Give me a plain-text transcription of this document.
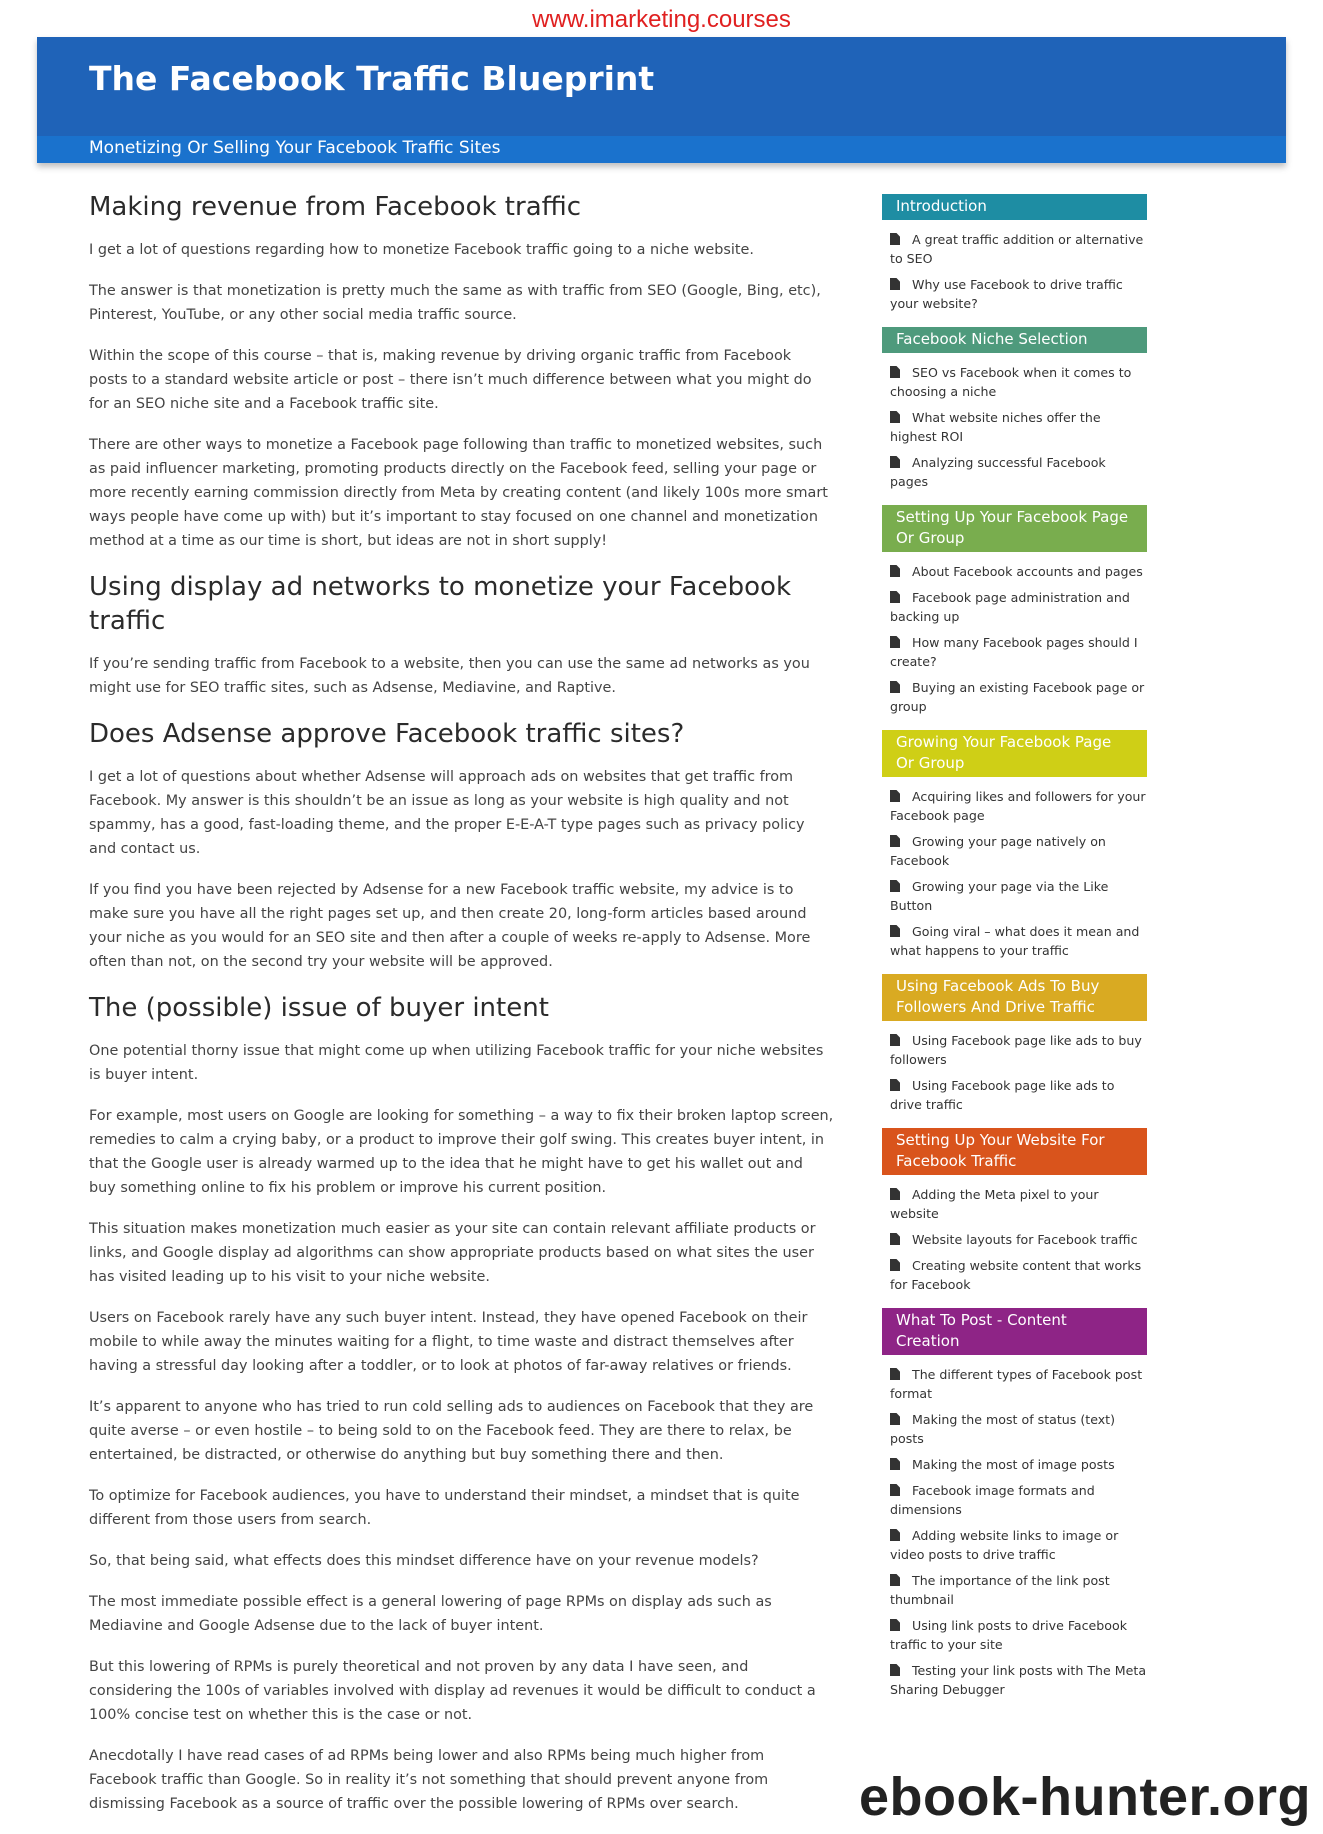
www.imarketing.courses
The Facebook Traffic Blueprint
Monetizing Or Selling Your Facebook Traffic Sites
Making revenue from Facebook traffic

I get a lot of questions regarding how to monetize Facebook traffic going to a niche website.

The answer is that monetization is pretty much the same as with traffic from SEO (Google, Bing, etc), Pinterest, YouTube, or any other social media traffic source.

Within the scope of this course – that is, making revenue by driving organic traffic from Facebook posts to a standard website article or post – there isn’t much difference between what you might do for an SEO niche site and a Facebook traffic site.

There are other ways to monetize a Facebook page following than traffic to monetized websites, such as paid influencer marketing, promoting products directly on the Facebook feed, selling your page or more recently earning commission directly from Meta by creating content (and likely 100s more smart ways people have come up with) but it’s important to stay focused on one channel and monetization method at a time as our time is short, but ideas are not in short supply!

Using display ad networks to monetize your Facebook traffic

If you’re sending traffic from Facebook to a website, then you can use the same ad networks as you might use for SEO traffic sites, such as Adsense, Mediavine, and Raptive.

Does Adsense approve Facebook traffic sites?

I get a lot of questions about whether Adsense will approach ads on websites that get traffic from Facebook. My answer is this shouldn’t be an issue as long as your website is high quality and not spammy, has a good, fast-loading theme, and the proper E-E-A-T type pages such as privacy policy and contact us.

If you find you have been rejected by Adsense for a new Facebook traffic website, my advice is to make sure you have all the right pages set up, and then create 20, long-form articles based around your niche as you would for an SEO site and then after a couple of weeks re-apply to Adsense. More often than not, on the second try your website will be approved.

The (possible) issue of buyer intent

One potential thorny issue that might come up when utilizing Facebook traffic for your niche websites is buyer intent.

For example, most users on Google are looking for something – a way to fix their broken laptop screen, remedies to calm a crying baby, or a product to improve their golf swing. This creates buyer intent, in that the Google user is already warmed up to the idea that he might have to get his wallet out and buy something online to fix his problem or improve his current position.

This situation makes monetization much easier as your site can contain relevant affiliate products or links, and Google display ad algorithms can show appropriate products based on what sites the user has visited leading up to his visit to your niche website.

Users on Facebook rarely have any such buyer intent. Instead, they have opened Facebook on their mobile to while away the minutes waiting for a flight, to time waste and distract themselves after having a stressful day looking after a toddler, or to look at photos of far-away relatives or friends.

It’s apparent to anyone who has tried to run cold selling ads to audiences on Facebook that they are quite averse – or even hostile – to being sold to on the Facebook feed. They are there to relax, be entertained, be distracted, or otherwise do anything but buy something there and then.

To optimize for Facebook audiences, you have to understand their mindset, a mindset that is quite different from those users from search.

So, that being said, what effects does this mindset difference have on your revenue models?

The most immediate possible effect is a general lowering of page RPMs on display ads such as Mediavine and Google Adsense due to the lack of buyer intent.

But this lowering of RPMs is purely theoretical and not proven by any data I have seen, and considering the 100s of variables involved with display ad revenues it would be difficult to conduct a 100% concise test on whether this is the case or not.

Anecdotally I have read cases of ad RPMs being lower and also RPMs being much higher from Facebook traffic than Google. So in reality it’s not something that should prevent anyone from dismissing Facebook as a source of traffic over the possible lowering of RPMs over search.

Introduction
A great traffic addition or alternative to SEO
Why use Facebook to drive traffic your website?
Facebook Niche Selection
SEO vs Facebook when it comes to choosing a niche
What website niches offer the highest ROI
Analyzing successful Facebook pages
Setting Up Your Facebook Page Or Group
About Facebook accounts and pages
Facebook page administration and backing up
How many Facebook pages should I create?
Buying an existing Facebook page or group
Growing Your Facebook Page Or Group
Acquiring likes and followers for your Facebook page
Growing your page natively on Facebook
Growing your page via the Like Button
Going viral – what does it mean and what happens to your traffic
Using Facebook Ads To Buy Followers And Drive Traffic
Using Facebook page like ads to buy followers
Using Facebook page like ads to drive traffic
Setting Up Your Website For Facebook Traffic
Adding the Meta pixel to your website
Website layouts for Facebook traffic
Creating website content that works for Facebook
What To Post - Content Creation
The different types of Facebook post format
Making the most of status (text) posts
Making the most of image posts
Facebook image formats and dimensions
Adding website links to image or video posts to drive traffic
The importance of the link post thumbnail
Using link posts to drive Facebook traffic to your site
Testing your link posts with The Meta Sharing Debugger
ebook-hunter.org
